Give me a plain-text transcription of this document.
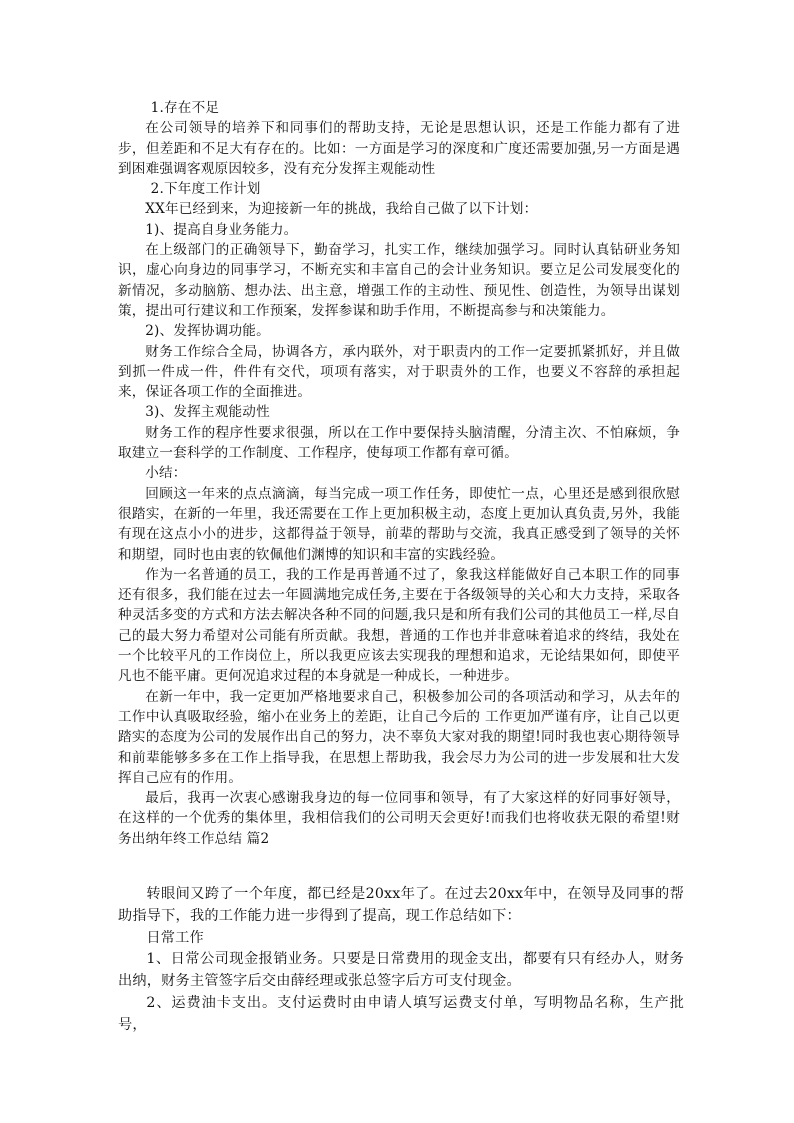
1.存在不足

在公司领导的培养下和同事们的帮助支持，无论是思想认识，还是工作能力都有了进步，但差距和不足大有存在的。比如：一方面是学习的深度和广度还需要加强,另一方面是遇到困难强调客观原因较多，没有充分发挥主观能动性

2.下年度工作计划

XX年已经到来，为迎接新一年的挑战，我给自己做了以下计划：

1)、提高自身业务能力。

在上级部门的正确领导下，勤奋学习，扎实工作，继续加强学习。同时认真钻研业务知识，虚心向身边的同事学习，不断充实和丰富自己的会计业务知识。要立足公司发展变化的新情况，多动脑筋、想办法、出主意，增强工作的主动性、预见性、创造性，为领导出谋划策，提出可行建议和工作预案，发挥参谋和助手作用，不断提高参与和决策能力。

2)、发挥协调功能。

财务工作综合全局，协调各方，承内联外，对于职责内的工作一定要抓紧抓好，并且做到抓一件成一件，件件有交代，项项有落实，对于职责外的工作，也要义不容辞的承担起来，保证各项工作的全面推进。

3)、发挥主观能动性

财务工作的程序性要求很强，所以在工作中要保持头脑清醒，分清主次、不怕麻烦，争取建立一套科学的工作制度、工作程序，使每项工作都有章可循。

小结：

回顾这一年来的点点滴滴，每当完成一项工作任务，即使忙一点，心里还是感到很欣慰很踏实，在新的一年里，我还需要在工作上更加积极主动，态度上更加认真负责,另外，我能有现在这点小小的进步，这都得益于领导，前辈的帮助与交流，我真正感受到了领导的关怀和期望，同时也由衷的钦佩他们渊博的知识和丰富的实践经验。

作为一名普通的员工，我的工作是再普通不过了，象我这样能做好自己本职工作的同事还有很多，我们能在过去一年圆满地完成任务,主要在于各级领导的关心和大力支持，采取各种灵活多变的方式和方法去解决各种不同的问题,我只是和所有我们公司的其他员工一样,尽自己的最大努力希望对公司能有所贡献。我想，普通的工作也并非意味着追求的终结，我处在一个比较平凡的工作岗位上，所以我更应该去实现我的理想和追求，无论结果如何，即使平凡也不能平庸。更何况追求过程的本身就是一种成长，一种进步。

在新一年中，我一定更加严格地要求自己，积极参加公司的各项活动和学习，从去年的工作中认真吸取经验，缩小在业务上的差距，让自己今后的 工作更加严谨有序，让自己以更踏实的态度为公司的发展作出自己的努力，决不辜负大家对我的期望!同时我也衷心期待领导和前辈能够多多在工作上指导我，在思想上帮助我，我会尽力为公司的进一步发展和壮大发挥自己应有的作用。

最后，我再一次衷心感谢我身边的每一位同事和领导，有了大家这样的好同事好领导，在这样的一个优秀的集体里，我相信我们的公司明天会更好!而我们也将收获无限的希望!财务出纳年终工作总结 篇2

转眼间又跨了一个年度，都已经是20xx年了。在过去20xx年中，在领导及同事的帮助指导下，我的工作能力进一步得到了提高，现工作总结如下：

日常工作

1、日常公司现金报销业务。只要是日常费用的现金支出，都要有只有经办人，财务出纳，财务主管签字后交由薛经理或张总签字后方可支付现金。

2、运费油卡支出。支付运费时由申请人填写运费支付单，写明物品名称，生产批号，
